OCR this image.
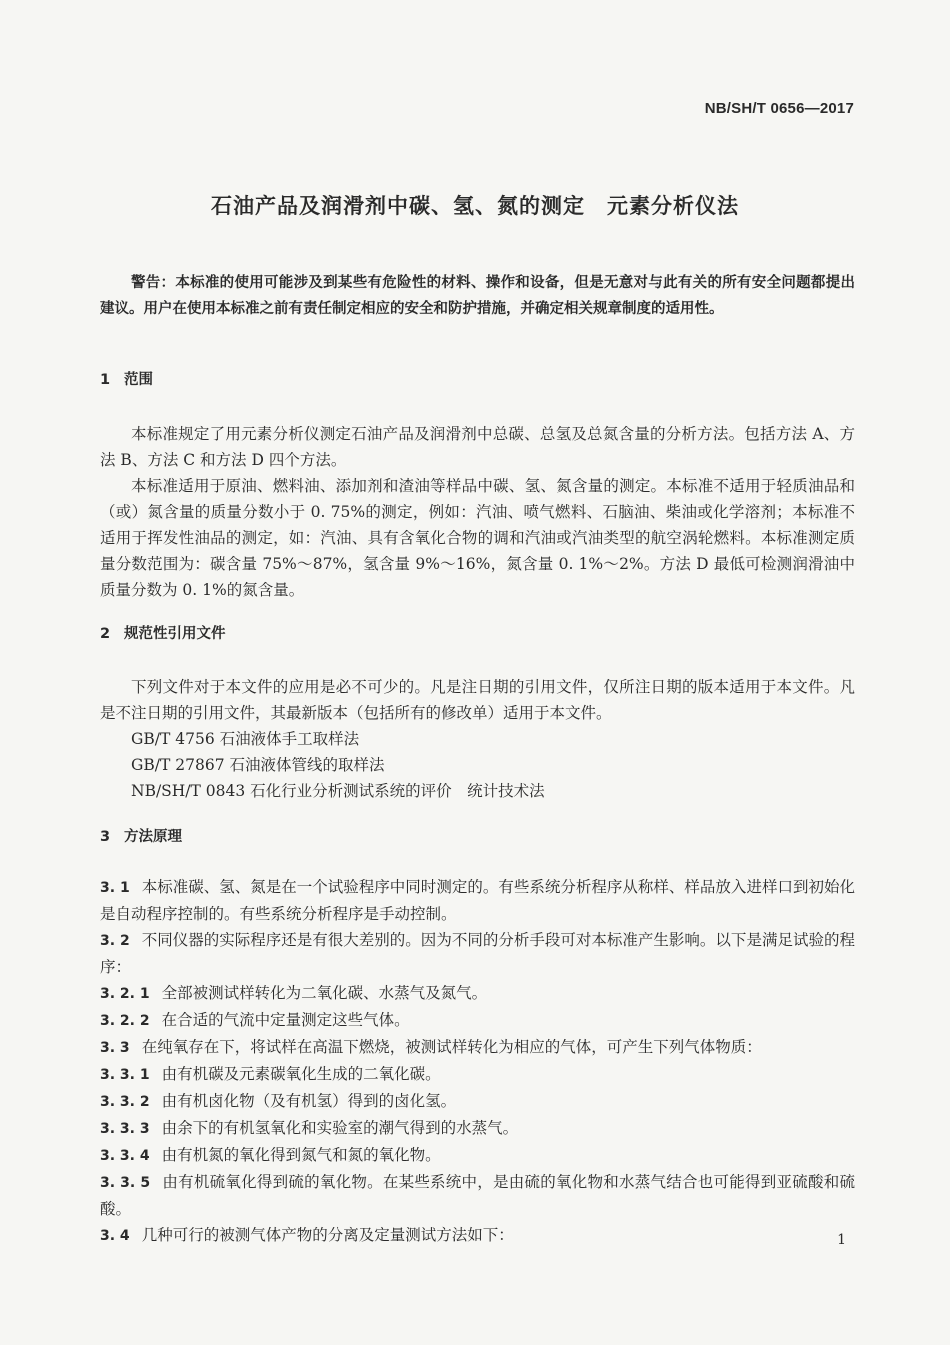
NB/SH/T 0656—2017
石油产品及润滑剂中碳、氢、氮的测定　元素分析仪法
警告：本标准的使用可能涉及到某些有危险性的材料、操作和设备，但是无意对与此有关的所有安全问题都提出建议。用户在使用本标准之前有责任制定相应的安全和防护措施，并确定相关规章制度的适用性。
1 范围

本标准规定了用元素分析仪测定石油产品及润滑剂中总碳、总氢及总氮含量的分析方法。包括方法 A、方法 B、方法 C 和方法 D 四个方法。

本标准适用于原油、燃料油、添加剂和渣油等样品中碳、氢、氮含量的测定。本标准不适用于轻质油品和（或）氮含量的质量分数小于 0. 75%的测定，例如：汽油、喷气燃料、石脑油、柴油或化学溶剂；本标准不适用于挥发性油品的测定，如：汽油、具有含氧化合物的调和汽油或汽油类型的航空涡轮燃料。本标准测定质量分数范围为：碳含量 75%～87%，氢含量 9%～16%，氮含量 0. 1%～2%。方法 D 最低可检测润滑油中质量分数为 0. 1%的氮含量。

2 规范性引用文件

下列文件对于本文件的应用是必不可少的。凡是注日期的引用文件，仅所注日期的版本适用于本文件。凡是不注日期的引用文件，其最新版本（包括所有的修改单）适用于本文件。

GB/T 4756 石油液体手工取样法

GB/T 27867 石油液体管线的取样法

NB/SH/T 0843 石化行业分析测试系统的评价　统计技术法

3 方法原理

3. 1 本标准碳、氢、氮是在一个试验程序中同时测定的。有些系统分析程序从称样、样品放入进样口到初始化是自动程序控制的。有些系统分析程序是手动控制。

3. 2 不同仪器的实际程序还是有很大差别的。因为不同的分析手段可对本标准产生影响。以下是满足试验的程序：

3. 2. 1 全部被测试样转化为二氧化碳、水蒸气及氮气。

3. 2. 2 在合适的气流中定量测定这些气体。

3. 3 在纯氧存在下，将试样在高温下燃烧，被测试样转化为相应的气体，可产生下列气体物质：

3. 3. 1 由有机碳及元素碳氧化生成的二氧化碳。

3. 3. 2 由有机卤化物（及有机氢）得到的卤化氢。

3. 3. 3 由余下的有机氢氧化和实验室的潮气得到的水蒸气。

3. 3. 4 由有机氮的氧化得到氮气和氮的氧化物。

3. 3. 5 由有机硫氧化得到硫的氧化物。在某些系统中，是由硫的氧化物和水蒸气结合也可能得到亚硫酸和硫酸。

3. 4 几种可行的被测气体产物的分离及定量测试方法如下：	1
